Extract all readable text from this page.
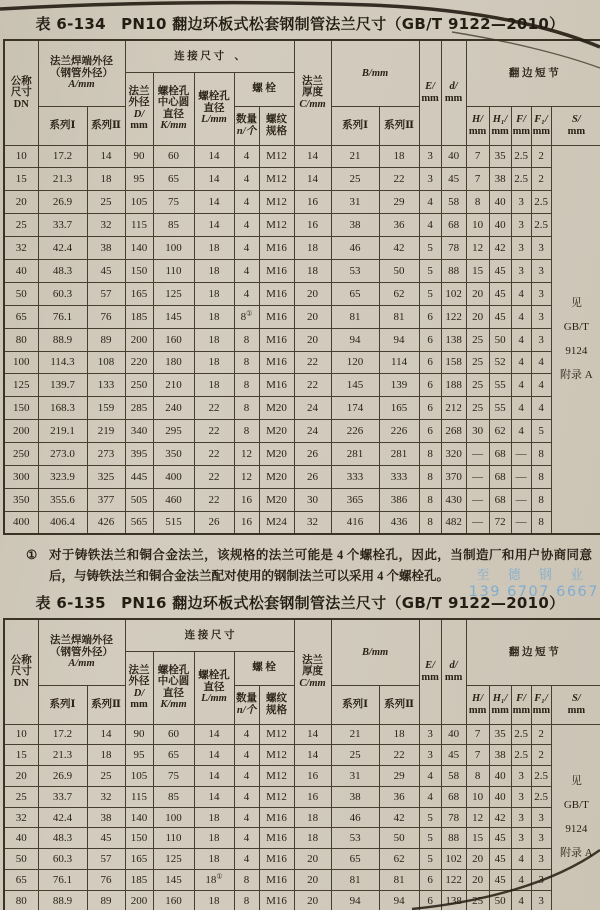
表 6-134　PN10 翻边环板式松套钢制管法兰尺寸（GB/T 9122—2010）
公称
尺寸
DN

法兰焊端外径
（钢管外径）
A/mm

连 接 尺 寸　、

法兰
厚度
C/mm

B/mm

E/
mm

d/
mm

翻 边 短 节

法兰
外径
D/
mm

螺栓孔
中心圆
直径
K/mm

螺栓孔
直径
L/mm

螺 栓

系列Ⅰ	系列Ⅱ

数量
n/个

螺纹
规格

系列Ⅰ	系列Ⅱ

H/
mm

H₁/
mm

F/
mm

F₁/
mm

S/
mm

10	17.2	14	90	60	14	4	M12	14	21	18	3	40	7	35	2.5	2	见
GB/T 9124
附录 A

15	21.3	18	95	65	14	4	M12	14	25	22	3	45	7	38	2.5	2	
20	26.9	25	105	75	14	4	M12	16	31	29	4	58	8	40	3	2.5	
25	33.7	32	115	85	14	4	M12	16	38	36	4	68	10	40	3	2.5	
32	42.4	38	140	100	18	4	M16	18	46	42	5	78	12	42	3	3	
40	48.3	45	150	110	18	4	M16	18	53	50	5	88	15	45	3	3	
50	60.3	57	165	125	18	4	M16	20	65	62	5	102	20	45	4	3	
65	76.1	76	185	145	18	8①	M16	20	81	81	6	122	20	45	4	3	
80	88.9	89	200	160	18	8	M16	20	94	94	6	138	25	50	4	3	
100	114.3	108	220	180	18	8	M16	22	120	114	6	158	25	52	4	4	
125	139.7	133	250	210	18	8	M16	22	145	139	6	188	25	55	4	4	
150	168.3	159	285	240	22	8	M20	24	174	165	6	212	25	55	4	4	
200	219.1	219	340	295	22	8	M20	24	226	226	6	268	30	62	4	5	
250	273.0	273	395	350	22	12	M20	26	281	281	8	320	—	68	—	8	
300	323.9	325	445	400	22	12	M20	26	333	333	8	370	—	68	—	8	
350	355.6	377	505	460	22	16	M20	30	365	386	8	430	—	68	—	8	
400	406.4	426	565	515	26	16	M24	32	416	436	8	482	—	72	—	8	
① 对于铸铁法兰和铜合金法兰，该规格的法兰可能是 4 个螺栓孔，因此，当制造厂和用户协商同意后，与铸铁法兰和铜合金法兰配对使用的钢制法兰可以采用 4 个螺栓孔。	至 德 钢 业
139 6707 6667
表 6-135　PN16 翻边环板式松套钢制管法兰尺寸（GB/T 9122—2010）
公称
尺寸
DN

法兰焊端外径
（钢管外径）
A/mm

连 接 尺 寸

法兰
厚度
C/mm

B/mm

E/
mm

d/
mm

翻 边 短 节

法兰
外径
D/
mm

螺栓孔
中心圆
直径
K/mm

螺栓孔
直径
L/mm

螺 栓

系列Ⅰ	系列Ⅱ

数量
n/个

螺纹
规格

系列Ⅰ	系列Ⅱ

H/
mm

H₁/
mm

F/
mm

F₁/
mm

S/
mm

10	17.2	14	90	60	14	4	M12	14	21	18	3	40	7	35	2.5	2	见
GB/T 9124
附录 A

15	21.3	18	95	65	14	4	M12	14	25	22	3	45	7	38	2.5	2	
20	26.9	25	105	75	14	4	M12	16	31	29	4	58	8	40	3	2.5	
25	33.7	32	115	85	14	4	M12	16	38	36	4	68	10	40	3	2.5	
32	42.4	38	140	100	18	4	M16	18	46	42	5	78	12	42	3	3	
40	48.3	45	150	110	18	4	M16	18	53	50	5	88	15	45	3	3	
50	60.3	57	165	125	18	4	M16	20	65	62	5	102	20	45	4	3	
65	76.1	76	185	145	18①	8	M16	20	81	81	6	122	20	45	4	3	
80	88.9	89	200	160	18	8	M16	20	94	94	6	138	25	50	4	3	
